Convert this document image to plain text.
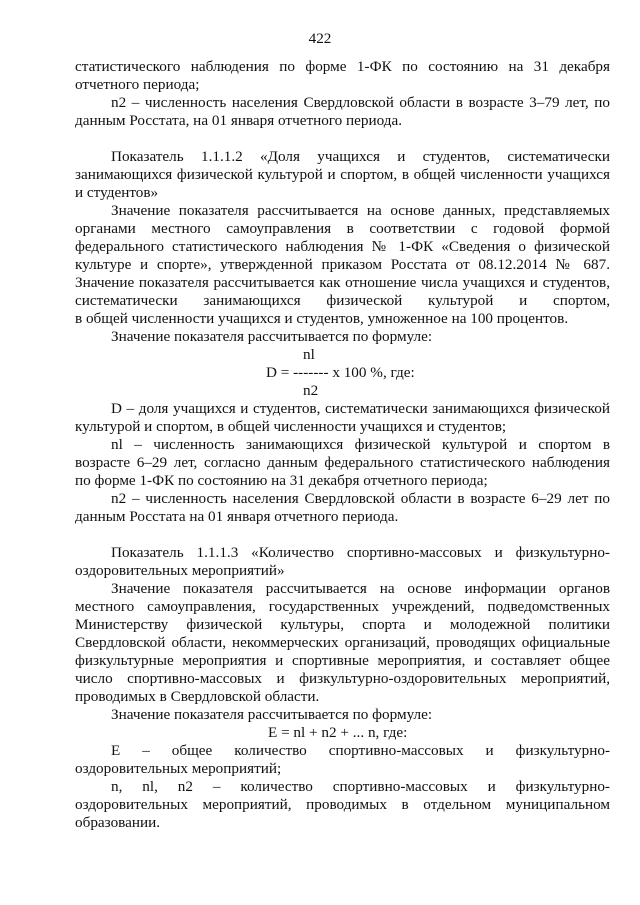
422
статистического наблюдения по форме 1-ФК по состоянию на 31 декабря
отчетного периода;
n2 – численность населения Свердловской области в возрасте 3–79 лет, по
данным Росстата, на 01 января отчетного периода.
Показатель 1.1.1.2 «Доля учащихся и студентов, систематически
занимающихся физической культурой и спортом, в общей численности учащихся
и студентов»
Значение показателя рассчитывается на основе данных, представляемых
органами местного самоуправления в соответствии с годовой формой
федерального статистического наблюдения № 1-ФК «Сведения о физической
культуре и спорте», утвержденной приказом Росстата от 08.12.2014 № 687.
Значение показателя рассчитывается как отношение числа учащихся и студентов,
систематически занимающихся физической культурой и спортом,
в общей численности учащихся и студентов, умноженное на 100 процентов.
Значение показателя рассчитывается по формуле:
nl
D = ------- x 100 %, где:
n2
D – доля учащихся и студентов, систематически занимающихся физической
культурой и спортом, в общей численности учащихся и студентов;
nl – численность занимающихся физической культурой и спортом в
возрасте 6–29 лет, согласно данным федерального статистического наблюдения
по форме 1-ФК по состоянию на 31 декабря отчетного периода;
n2 – численность населения Свердловской области в возрасте 6–29 лет по
данным Росстата на 01 января отчетного периода.
Показатель 1.1.1.3 «Количество спортивно-массовых и физкультурно-
оздоровительных мероприятий»
Значение показателя рассчитывается на основе информации органов
местного самоуправления, государственных учреждений, подведомственных
Министерству физической культуры, спорта и молодежной политики
Свердловской области, некоммерческих организаций, проводящих официальные
физкультурные мероприятия и спортивные мероприятия, и составляет общее
число спортивно-массовых и физкультурно-оздоровительных мероприятий,
проводимых в Свердловской области.
Значение показателя рассчитывается по формуле:
E = nl + n2 + ... n, где:
E – общее количество спортивно-массовых и физкультурно-
оздоровительных мероприятий;
n, nl, n2 – количество спортивно-массовых и физкультурно-
оздоровительных мероприятий, проводимых в отдельном муниципальном
образовании.
